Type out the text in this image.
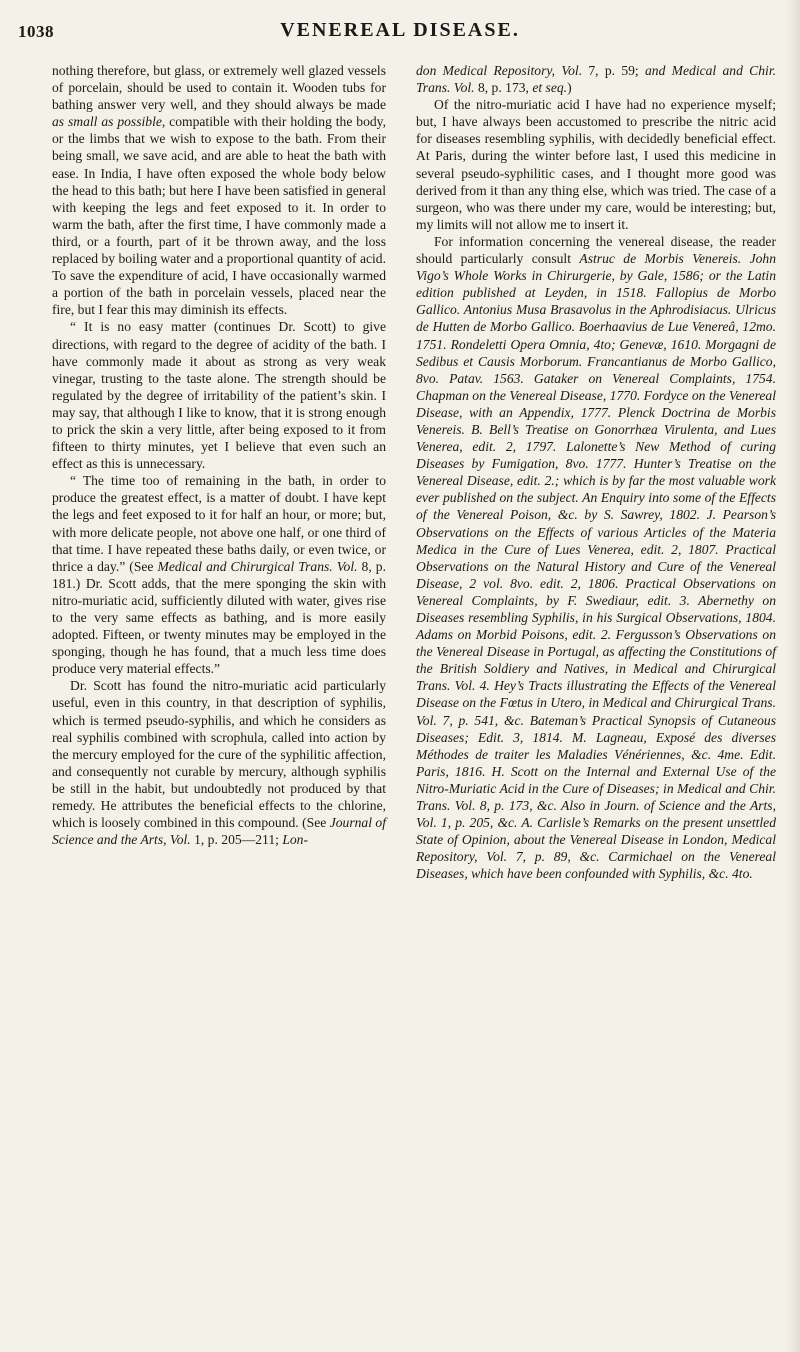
1038	VENEREAL DISEASE.

nothing therefore, but glass, or extremely well glazed vessels of porcelain, should be used to contain it. Wooden tubs for bathing answer very well, and they should always be made as small as possible, compatible with their holding the body, or the limbs that we wish to expose to the bath. From their being small, we save acid, and are able to heat the bath with ease. In India, I have often exposed the whole body below the head to this bath; but here I have been satisfied in general with keeping the legs and feet exposed to it. In order to warm the bath, after the first time, I have commonly made a third, or a fourth, part of it be thrown away, and the loss replaced by boiling water and a proportional quantity of acid. To save the expenditure of acid, I have occasionally warmed a portion of the bath in porcelain vessels, placed near the fire, but I fear this may diminish its effects.

“ It is no easy matter (continues Dr. Scott) to give directions, with regard to the degree of acidity of the bath. I have commonly made it about as strong as very weak vinegar, trusting to the taste alone. The strength should be regulated by the degree of irritability of the patient’s skin. I may say, that although I like to know, that it is strong enough to prick the skin a very little, after being exposed to it from fifteen to thirty minutes, yet I believe that even such an effect as this is unnecessary.

“ The time too of remaining in the bath, in order to produce the greatest effect, is a matter of doubt. I have kept the legs and feet exposed to it for half an hour, or more; but, with more delicate people, not above one half, or one third of that time. I have repeated these baths daily, or even twice, or thrice a day.” (See Medical and Chirurgical Trans. Vol. 8, p. 181.) Dr. Scott adds, that the mere sponging the skin with nitro-muriatic acid, sufficiently diluted with water, gives rise to the very same effects as bathing, and is more easily adopted. Fifteen, or twenty minutes may be employed in the sponging, though he has found, that a much less time does produce very material effects.”

Dr. Scott has found the nitro-muriatic acid particularly useful, even in this country, in that description of syphilis, which is termed pseudo-syphilis, and which he considers as real syphilis combined with scrophula, called into action by the mercury employed for the cure of the syphilitic affection, and consequently not curable by mercury, although syphilis be still in the habit, but undoubtedly not produced by that remedy. He attributes the beneficial effects to the chlorine, which is loosely combined in this compound. (See Journal of Science and the Arts, Vol. 1, p. 205—211; Lon-

don Medical Repository, Vol. 7, p. 59; and Medical and Chir. Trans. Vol. 8, p. 173, et seq.)

Of the nitro-muriatic acid I have had no experience myself; but, I have always been accustomed to prescribe the nitric acid for diseases resembling syphilis, with decidedly beneficial effect. At Paris, during the winter before last, I used this medicine in several pseudo-syphilitic cases, and I thought more good was derived from it than any thing else, which was tried. The case of a surgeon, who was there under my care, would be interesting; but, my limits will not allow me to insert it.

For information concerning the venereal disease, the reader should particularly consult Astruc de Morbis Venereis. John Vigo’s Whole Works in Chirurgerie, by Gale, 1586; or the Latin edition published at Leyden, in 1518. Fallopius de Morbo Gallico. Antonius Musa Brasavolus in the Aphrodisiacus. Ulricus de Hutten de Morbo Gallico. Boerhaavius de Lue Venereâ, 12mo. 1751. Rondeletti Opera Omnia, 4to; Genevæ, 1610. Morgagni de Sedibus et Causis Morborum. Francantianus de Morbo Gallico, 8vo. Patav. 1563. Gataker on Venereal Complaints, 1754. Chapman on the Venereal Disease, 1770. Fordyce on the Venereal Disease, with an Appendix, 1777. Plenck Doctrina de Morbis Venereis. B. Bell’s Treatise on Gonorrhæa Virulenta, and Lues Venerea, edit. 2, 1797. Lalonette’s New Method of curing Diseases by Fumigation, 8vo. 1777. Hunter’s Treatise on the Venereal Disease, edit. 2.; which is by far the most valuable work ever published on the subject. An Enquiry into some of the Effects of the Venereal Poison, &c. by S. Sawrey, 1802. J. Pearson’s Observations on the Effects of various Articles of the Materia Medica in the Cure of Lues Venerea, edit. 2, 1807. Practical Observations on the Natural History and Cure of the Venereal Disease, 2 vol. 8vo. edit. 2, 1806. Practical Observations on Venereal Complaints, by F. Swediaur, edit. 3. Abernethy on Diseases resembling Syphilis, in his Surgical Observations, 1804. Adams on Morbid Poisons, edit. 2. Fergusson’s Observations on the Venereal Disease in Portugal, as affecting the Constitutions of the British Soldiery and Natives, in Medical and Chirurgical Trans. Vol. 4. Hey’s Tracts illustrating the Effects of the Venereal Disease on the Fœtus in Utero, in Medical and Chirurgical Trans. Vol. 7, p. 541, &c. Bateman’s Practical Synopsis of Cutaneous Diseases; Edit. 3, 1814. M. Lagneau, Exposé des diverses Méthodes de traiter les Maladies Vénériennes, &c. 4me. Edit. Paris, 1816. H. Scott on the Internal and External Use of the Nitro-Muriatic Acid in the Cure of Diseases; in Medical and Chir. Trans. Vol. 8, p. 173, &c. Also in Journ. of Science and the Arts, Vol. 1, p. 205, &c. A. Carlisle’s Remarks on the present unsettled State of Opinion, about the Venereal Disease in London, Medical Repository, Vol. 7, p. 89, &c. Carmichael on the Venereal Diseases, which have been confounded with Syphilis, &c. 4to.
